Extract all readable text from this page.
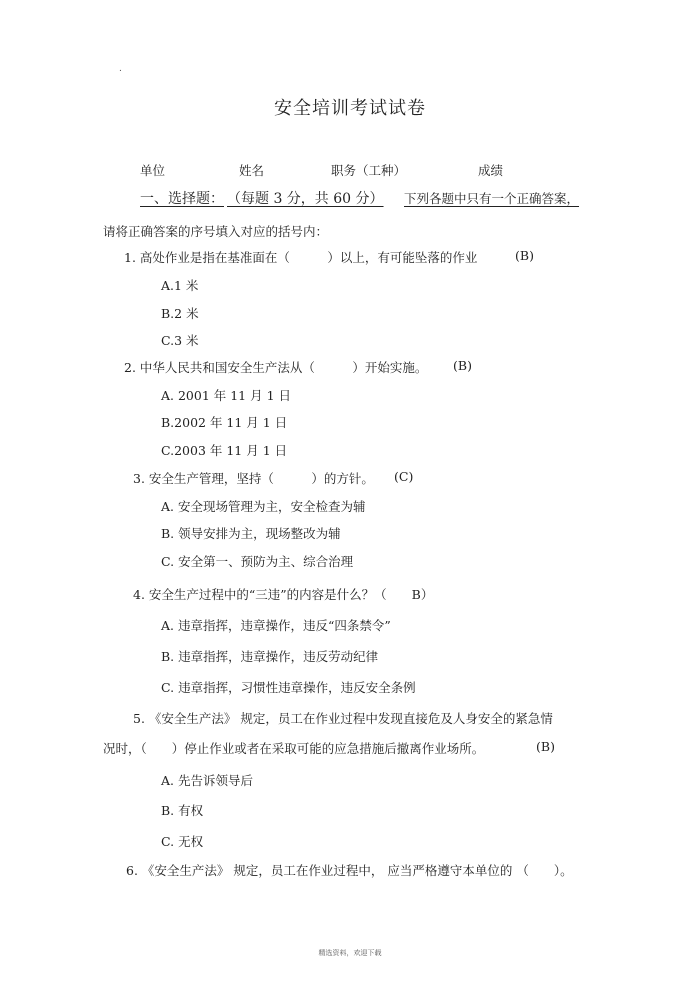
.
安全培训考试试卷
单位	姓名	职务（工种）	成绩
一、选择题： （每题 3 分，共 60 分） 下列各题中只有一个正确答案，
请将正确答案的序号填入对应的括号内：
1. 高处作业是指在基准面在（　　　）以上，有可能坠落的作业	(B)
A.1 米
B.2 米
C.3 米
2. 中华人民共和国安全生产法从（　　　）开始实施。 (B)
A. 2001 年 11 月 1 日
B.2002 年 11 月 1 日
C.2003 年 11 月 1 日
3. 安全生产管理，坚持（　　　）的方针。 (C)
A. 安全现场管理为主，安全检查为辅
B. 领导安排为主，现场整改为辅
C. 安全第一、预防为主、综合治理
4. 安全生产过程中的“三违”的内容是什么？（　　B）
A. 违章指挥，违章操作，违反“四条禁令”
B. 违章指挥，违章操作，违反劳动纪律
C. 违章指挥，习惯性违章操作，违反安全条例
5. 《安全生产法》 规定，员工在作业过程中发现直接危及人身安全的紧急情
况时，（　　）停止作业或者在采取可能的应急措施后撤离作业场所。	(B)
A. 先告诉领导后
B. 有权
C. 无权
6. 《安全生产法》 规定，员工在作业过程中， 应当严格遵守本单位的 （　　）。
精选资料，欢迎下载
